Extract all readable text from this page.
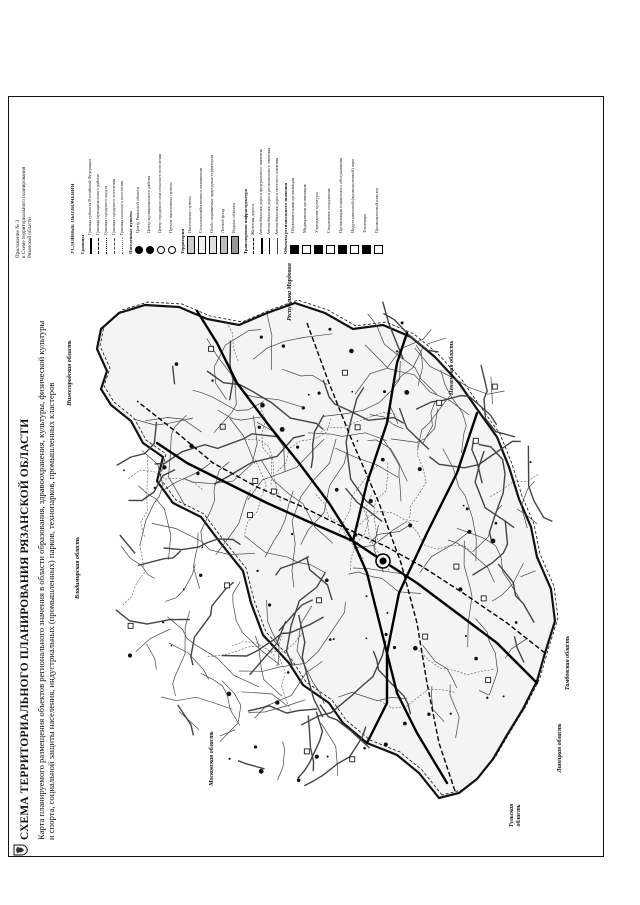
Приложение № 3 к Схеме территориального планирования Рязанской области
СХЕМА ТЕРРИТОРИАЛЬНОГО ПЛАНИРОВАНИЯ РЯЗАНСКОЙ ОБЛАСТИ Карта планируемого размещения объектов регионального значения в области образования, здравоохранения, культуры, физической культуры и спорта, социальной защиты населения, индустриальных (промышленных) парков, технопарков, промышленных кластеров	Владимирская область
Нижегородская область
Московская область
Республика Мордовия
Пензенская область
Тульская область
Липецкая область
Тамбовская область
УСЛОВНЫЕ ОБОЗНАЧЕНИЯ Границы
Граница субъекта Российской Федерации Граница муниципального района Граница городского округа Граница городского поселения Граница сельского поселения Населенные пункты Центр Рязанской области Центр муниципального района Центр городского или сельского поселения Прочие населенные пункты
Территории
Населенные пункты Сельскохозяйственного назначения Особо охраняемые природные территории Лесной фонд Водные объекты Транспортная инфраструктура Железная дорога Автомобильная дорога федерального значения Автомобильная дорога регионального значения Автомобильная дорога местного значения Объекты регионального значения Образовательная организация Медицинская организация Учреждение культуры Спортивное сооружение Организация социального обслуживания Индустриальный (промышленный) парк Технопарк Промышленный кластер
